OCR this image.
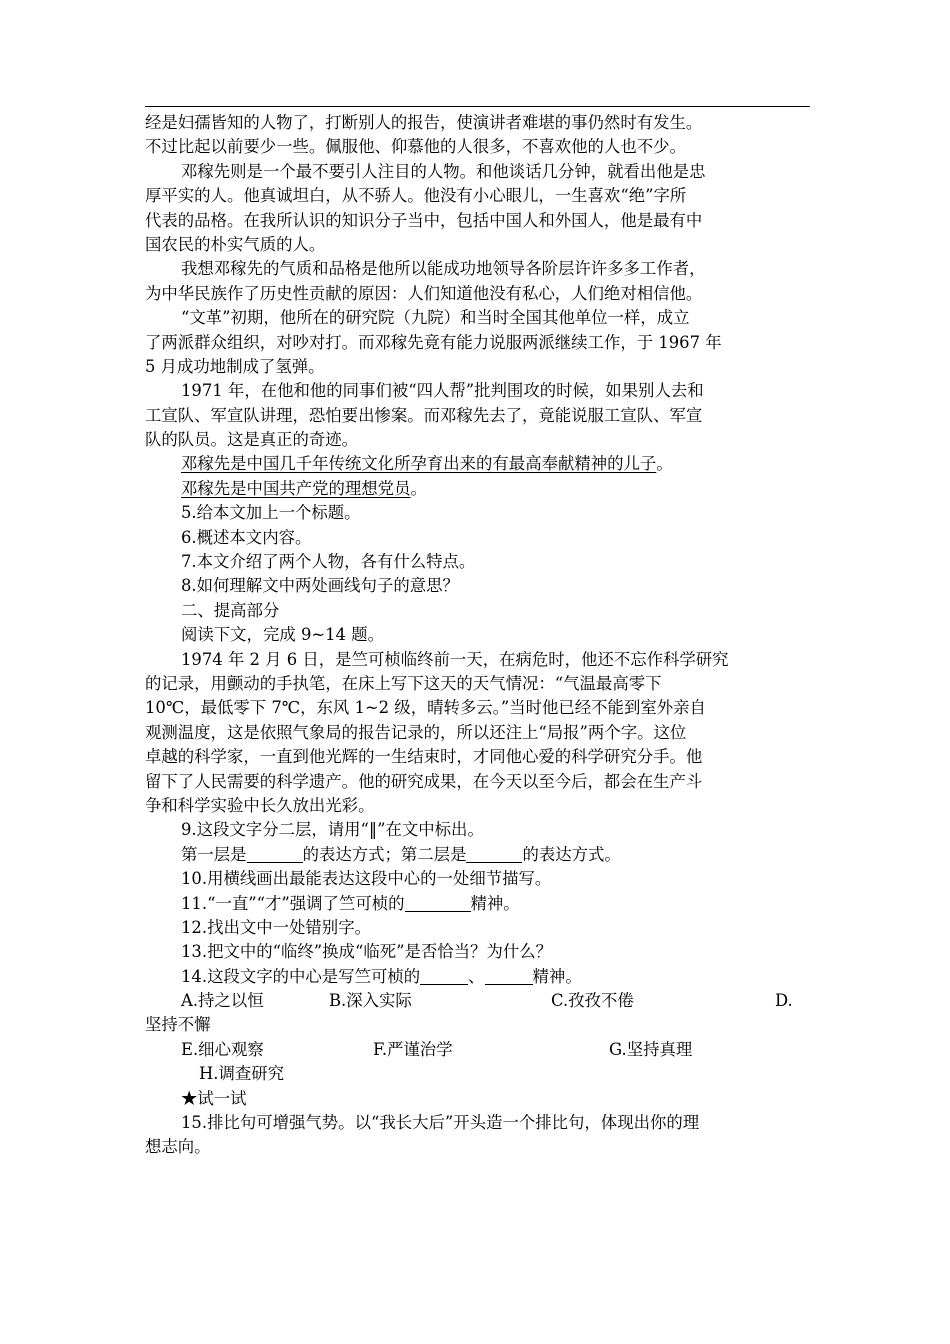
经是妇孺皆知的人物了，打断别人的报告，使演讲者难堪的事仍然时有发生。
不过比起以前要少一些。佩服他、仰慕他的人很多，不喜欢他的人也不少。
邓稼先则是一个最不要引人注目的人物。和他谈话几分钟，就看出他是忠
厚平实的人。他真诚坦白，从不骄人。他没有小心眼儿，一生喜欢“绝”字所
代表的品格。在我所认识的知识分子当中，包括中国人和外国人，他是最有中
国农民的朴实气质的人。
我想邓稼先的气质和品格是他所以能成功地领导各阶层许许多多工作者，
为中华民族作了历史性贡献的原因：人们知道他没有私心，人们绝对相信他。
“文革”初期，他所在的研究院（九院）和当时全国其他单位一样，成立
了两派群众组织，对吵对打。而邓稼先竟有能力说服两派继续工作，于 1967 年
5 月成功地制成了氢弹。
1971 年，在他和他的同事们被“四人帮”批判围攻的时候，如果别人去和
工宣队、军宣队讲理，恐怕要出惨案。而邓稼先去了，竟能说服工宣队、军宣
队的队员。这是真正的奇迹。
邓稼先是中国几千年传统文化所孕育出来的有最高奉献精神的儿子。
邓稼先是中国共产党的理想党员。
5.给本文加上一个标题。
6.概述本文内容。
7.本文介绍了两个人物，各有什么特点。
8.如何理解文中两处画线句子的意思？
二、提高部分
阅读下文，完成 9~14 题。
1974 年 2 月 6 日，是竺可桢临终前一天，在病危时，他还不忘作科学研究
的记录，用颤动的手执笔，在床上写下这天的天气情况：“气温最高零下
10℃，最低零下 7℃，东风 1~2 级，晴转多云。”当时他已经不能到室外亲自
观测温度，这是依照气象局的报告记录的，所以还注上“局报”两个字。这位
卓越的科学家，一直到他光辉的一生结束时，才同他心爱的科学研究分手。他
留下了人民需要的科学遗产。他的研究成果，在今天以至今后，都会在生产斗
争和科学实验中长久放出光彩。
9.这段文字分二层，请用“‖”在文中标出。
第一层是	的表达方式；第二层是	的表达方式。
10.用横线画出最能表达这段中心的一处细节描写。
11.“一直”“才”强调了竺可桢的	精神。
12.找出文中一处错别字。
13.把文中的“临终”换成“临死”是否恰当？为什么？
14.这段文字的中心是写竺可桢的	、	精神。
A.持之以恒	B.深入实际	C.孜孜不倦	D.
坚持不懈
E.细心观察	F.严谨治学	G.坚持真理
H.调查研究
★试一试
15.排比句可增强气势。以“我长大后”开头造一个排比句，体现出你的理
想志向。
